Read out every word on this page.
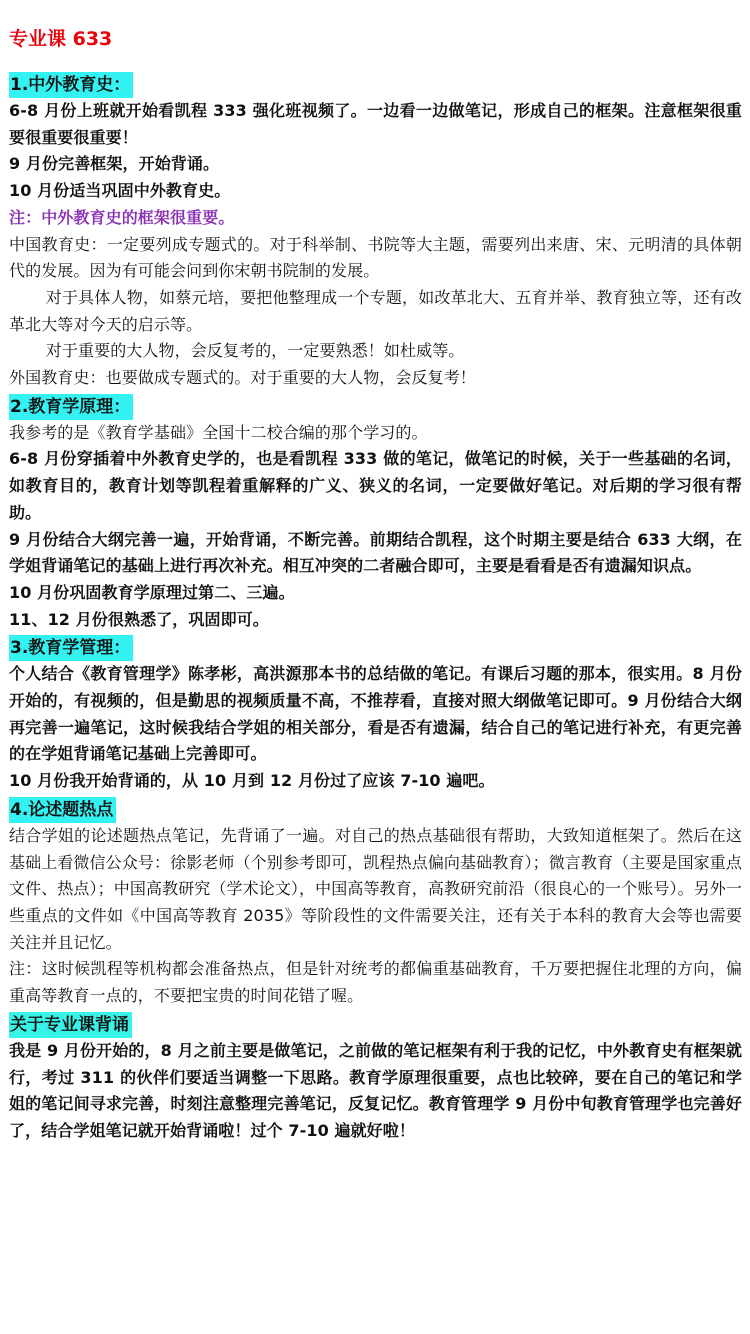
专业课 633
1.中外教育史：

6-8 月份上班就开始看凯程 333 强化班视频了。一边看一边做笔记，形成自己的框架。注意框架很重要很重要很重要！

9 月份完善框架，开始背诵。

10 月份适当巩固中外教育史。

注：中外教育史的框架很重要。

中国教育史：一定要列成专题式的。对于科举制、书院等大主题，需要列出来唐、宋、元明清的具体朝代的发展。因为有可能会问到你宋朝书院制的发展。

对于具体人物，如蔡元培，要把他整理成一个专题，如改革北大、五育并举、教育独立等，还有改革北大等对今天的启示等。

对于重要的大人物，会反复考的，一定要熟悉！如杜威等。

外国教育史：也要做成专题式的。对于重要的大人物，会反复考！

2.教育学原理：

我参考的是《教育学基础》全国十二校合编的那个学习的。

6-8 月份穿插着中外教育史学的，也是看凯程 333 做的笔记，做笔记的时候，关于一些基础的名词，如教育目的，教育计划等凯程着重解释的广义、狭义的名词，一定要做好笔记。对后期的学习很有帮助。

9 月份结合大纲完善一遍，开始背诵，不断完善。前期结合凯程，这个时期主要是结合 633 大纲，在学姐背诵笔记的基础上进行再次补充。相互冲突的二者融合即可，主要是看看是否有遗漏知识点。

10 月份巩固教育学原理过第二、三遍。

11、12 月份很熟悉了，巩固即可。

3.教育学管理：

个人结合《教育管理学》陈孝彬，高洪源那本书的总结做的笔记。有课后习题的那本，很实用。8 月份开始的，有视频的，但是勤思的视频质量不高，不推荐看，直接对照大纲做笔记即可。9 月份结合大纲再完善一遍笔记，这时候我结合学姐的相关部分，看是否有遗漏，结合自己的笔记进行补充，有更完善的在学姐背诵笔记基础上完善即可。

10 月份我开始背诵的，从 10 月到 12 月份过了应该 7-10 遍吧。

4.论述题热点

结合学姐的论述题热点笔记，先背诵了一遍。对自己的热点基础很有帮助，大致知道框架了。然后在这基础上看微信公众号：徐影老师（个别参考即可，凯程热点偏向基础教育）；微言教育（主要是国家重点文件、热点）；中国高教研究（学术论文），中国高等教育，高教研究前沿（很良心的一个账号）。另外一些重点的文件如《中国高等教育 2035》等阶段性的文件需要关注，还有关于本科的教育大会等也需要关注并且记忆。

注：这时候凯程等机构都会准备热点，但是针对统考的都偏重基础教育，千万要把握住北理的方向，偏重高等教育一点的，不要把宝贵的时间花错了喔。

关于专业课背诵

我是 9 月份开始的，8 月之前主要是做笔记，之前做的笔记框架有利于我的记忆，中外教育史有框架就行，考过 311 的伙伴们要适当调整一下思路。教育学原理很重要，点也比较碎，要在自己的笔记和学姐的笔记间寻求完善，时刻注意整理完善笔记，反复记忆。教育管理学 9 月份中旬教育管理学也完善好了，结合学姐笔记就开始背诵啦！过个 7-10 遍就好啦！
